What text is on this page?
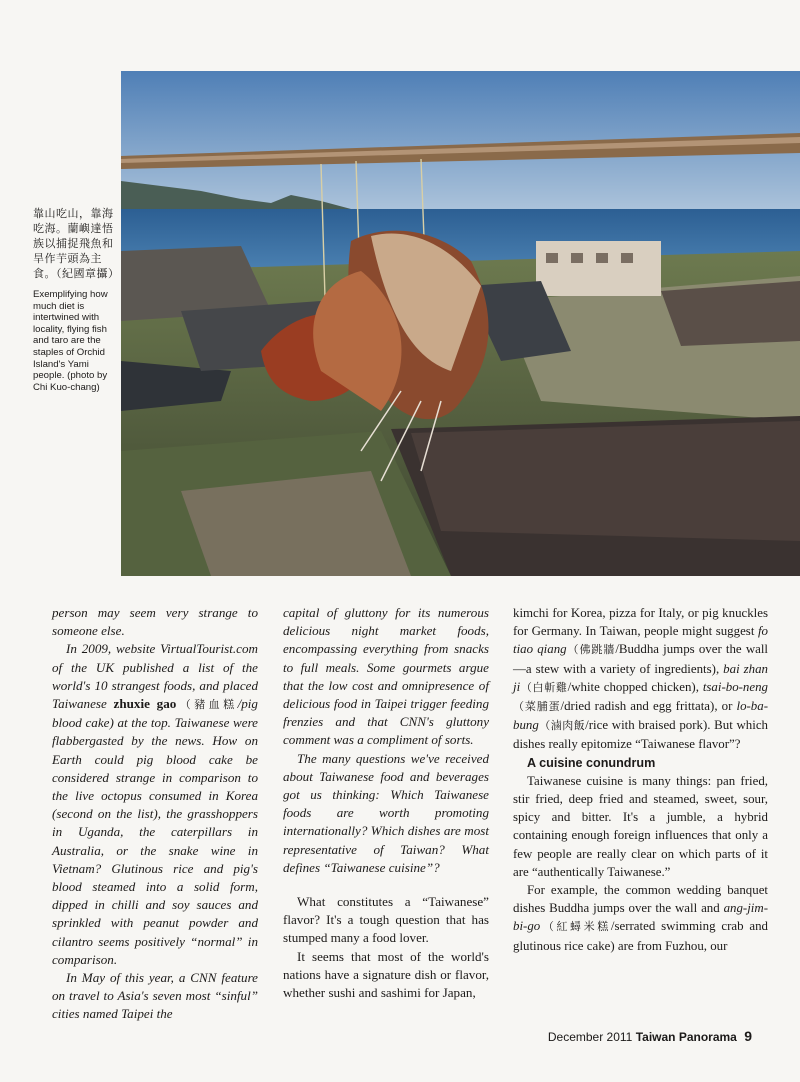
靠山吃山，靠海吃海。蘭嶼達悟族以捕捉飛魚和旱作芋頭為主食。（紀國章攝）

Exemplifying how much diet is intertwined with locality, flying fish and taro are the staples of Orchid Island's Yami people. (photo by Chi Kuo-chang)

person may seem very strange to someone else.

In 2009, website VirtualTourist.com of the UK published a list of the world's 10 strangest foods, and placed Taiwanese zhuxie gao（豬血糕/pig blood cake) at the top. Taiwanese were flabbergasted by the news. How on Earth could pig blood cake be considered strange in comparison to the live octopus consumed in Korea (second on the list), the grasshoppers in Uganda, the caterpillars in Australia, or the snake wine in Vietnam? Glutinous rice and pig's blood steamed into a solid form, dipped in chilli and soy sauces and sprinkled with peanut powder and cilantro seems positively “normal” in comparison.

In May of this year, a CNN feature on travel to Asia's seven most “sinful” cities named Taipei the

capital of gluttony for its numerous delicious night market foods, encompassing everything from snacks to full meals. Some gourmets argue that the low cost and omnipresence of delicious food in Taipei trigger feeding frenzies and that CNN's gluttony comment was a compliment of sorts.

The many questions we've received about Taiwanese food and beverages got us thinking: Which Taiwanese foods are worth promoting internationally? Which dishes are most representative of Taiwan? What defines “Taiwanese cuisine”?

What constitutes a “Taiwanese” flavor? It's a tough question that has stumped many a food lover.

It seems that most of the world's nations have a signature dish or flavor, whether sushi and sashimi for Japan,

kimchi for Korea, pizza for Italy, or pig knuckles for Germany. In Taiwan, people might suggest fo tiao qiang（佛跳牆/Buddha jumps over the wall—a stew with a variety of ingredients), bai zhan ji（白斬雞/white chopped chicken), tsai-bo-neng（菜脯蛋/dried radish and egg frittata), or lo-ba-bung（滷肉飯/rice with braised pork). But which dishes really epitomize “Taiwanese flavor”?

A cuisine conundrum

Taiwanese cuisine is many things: pan fried, stir fried, deep fried and steamed, sweet, sour, spicy and bitter. It's a jumble, a hybrid containing enough foreign influences that only a few people are really clear on which parts of it are “authentically Taiwanese.”

For example, the common wedding banquet dishes Buddha jumps over the wall and ang-jim-bi-go（紅蟳米糕/serrated swimming crab and glutinous rice cake) are from Fuzhou, our

December 2011 Taiwan Panorama 9
